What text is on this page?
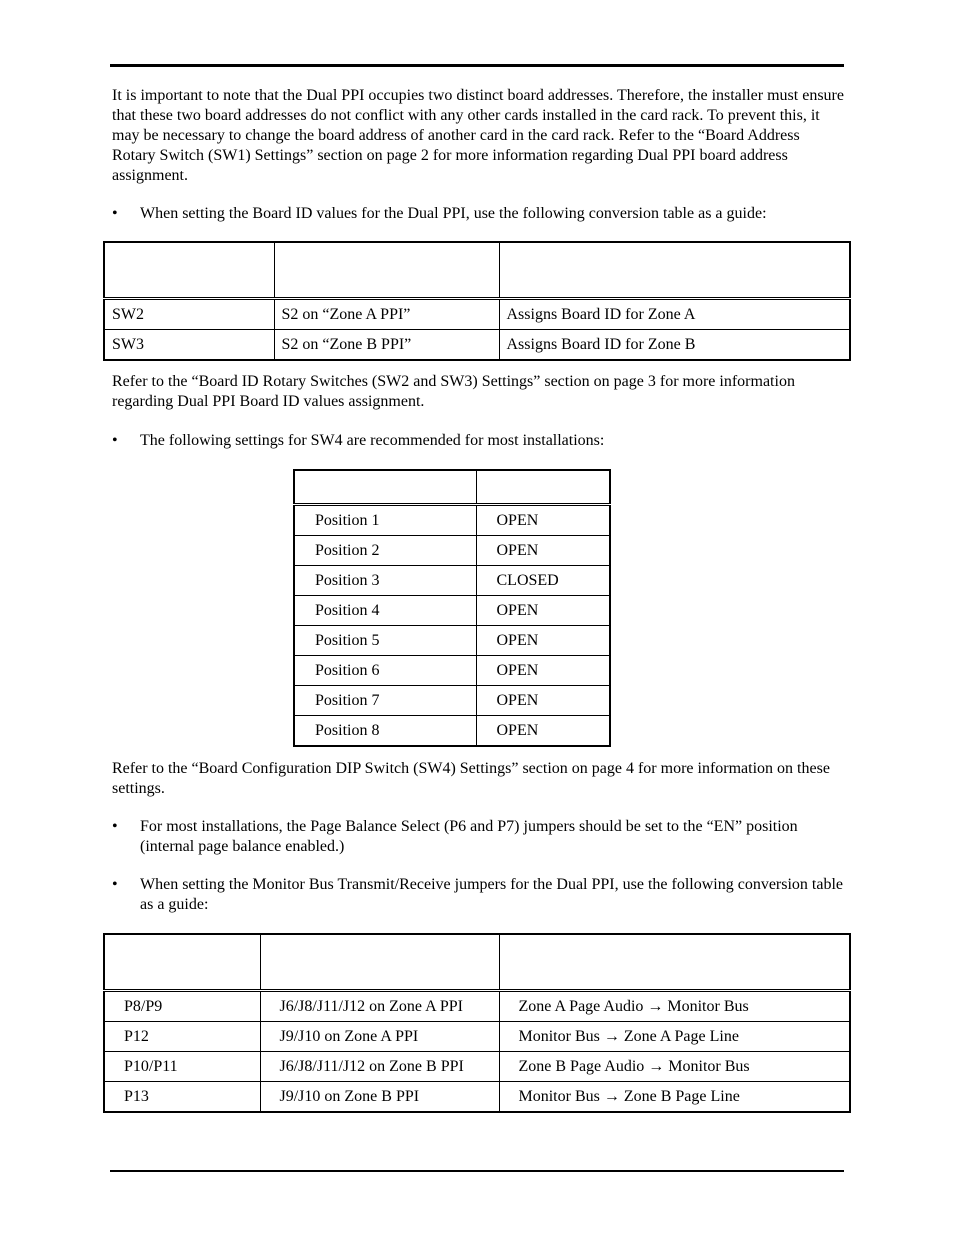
It is important to note that the Dual PPI occupies two distinct board addresses. Therefore, the installer must ensure that these two board addresses do not conflict with any other cards installed in the card rack. To prevent this, it may be necessary to change the board address of another card in the card rack. Refer to the “Board Address Rotary Switch (SW1) Settings” section on page 2 for more information regarding Dual PPI board address assignment.

•	When setting the Board ID values for the Dual PPI, use the following conversion table as a guide:

SW2	S2 on “Zone A PPI”	Assigns Board ID for Zone A
SW3	S2 on “Zone B PPI”	Assigns Board ID for Zone B

Refer to the “Board ID Rotary Switches (SW2 and SW3) Settings” section on page 3 for more information regarding Dual PPI Board ID values assignment.

•	The following settings for SW4 are recommended for most installations:

Position 1	OPEN
Position 2	OPEN
Position 3	CLOSED
Position 4	OPEN
Position 5	OPEN
Position 6	OPEN
Position 7	OPEN
Position 8	OPEN

Refer to the “Board Configuration DIP Switch (SW4) Settings” section on page 4 for more information on these settings.

•	For most installations, the Page Balance Select (P6 and P7) jumpers should be set to the “EN” position (internal page balance enabled.)
•	When setting the Monitor Bus Transmit/Receive jumpers for the Dual PPI, use the following conversion table as a guide:

P8/P9	J6/J8/J11/J12 on Zone A PPI	Zone A Page Audio → Monitor Bus
P12	J9/J10 on Zone A PPI	Monitor Bus → Zone A Page Line
P10/P11	J6/J8/J11/J12 on Zone B PPI	Zone B Page Audio → Monitor Bus
P13	J9/J10 on Zone B PPI	Monitor Bus → Zone B Page Line
